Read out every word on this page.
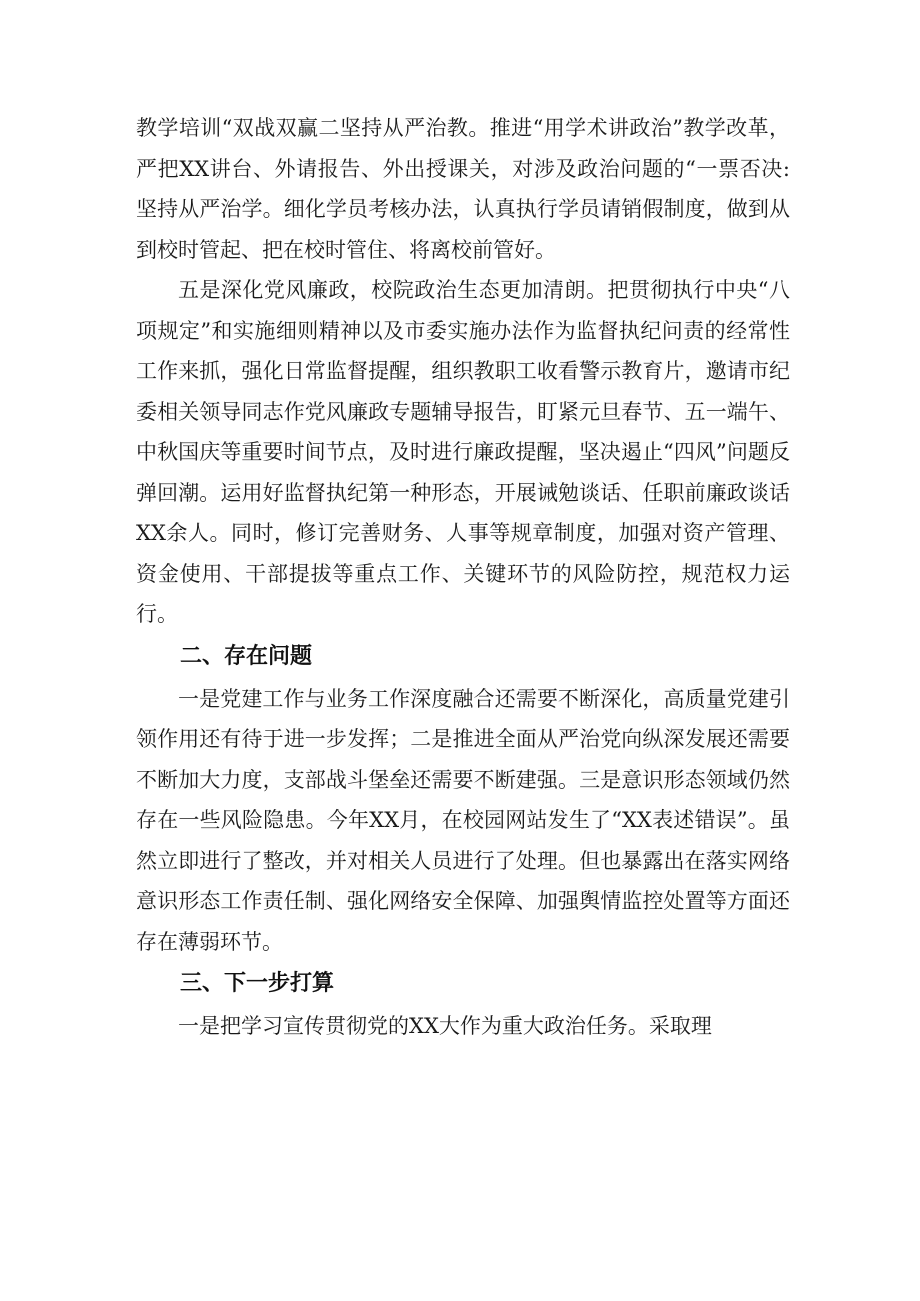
教学培训“双战双赢二坚持从严治教。推进“用学术讲政治”教学改革，严把XX讲台、外请报告、外出授课关，对涉及政治问题的“一票否决:坚持从严治学。细化学员考核办法，认真执行学员请销假制度，做到从到校时管起、把在校时管住、将离校前管好。

五是深化党风廉政，校院政治生态更加清朗。把贯彻执行中央“八项规定”和实施细则精神以及市委实施办法作为监督执纪问责的经常性工作来抓，强化日常监督提醒，组织教职工收看警示教育片，邀请市纪委相关领导同志作党风廉政专题辅导报告，盯紧元旦春节、五一端午、中秋国庆等重要时间节点，及时进行廉政提醒，坚决遏止“四风”问题反弹回潮。运用好监督执纪第一种形态，开展诫勉谈话、任职前廉政谈话XX余人。同时，修订完善财务、人事等规章制度，加强对资产管理、资金使用、干部提拔等重点工作、关键环节的风险防控，规范权力运行。

二、存在问题

一是党建工作与业务工作深度融合还需要不断深化，高质量党建引领作用还有待于进一步发挥；二是推进全面从严治党向纵深发展还需要不断加大力度，支部战斗堡垒还需要不断建强。三是意识形态领域仍然存在一些风险隐患。今年XX月，在校园网站发生了“XX表述错误”。虽然立即进行了整改，并对相关人员进行了处理。但也暴露出在落实网络意识形态工作责任制、强化网络安全保障、加强舆情监控处置等方面还存在薄弱环节。

三、下一步打算

一是把学习宣传贯彻党的XX大作为重大政治任务。采取理
